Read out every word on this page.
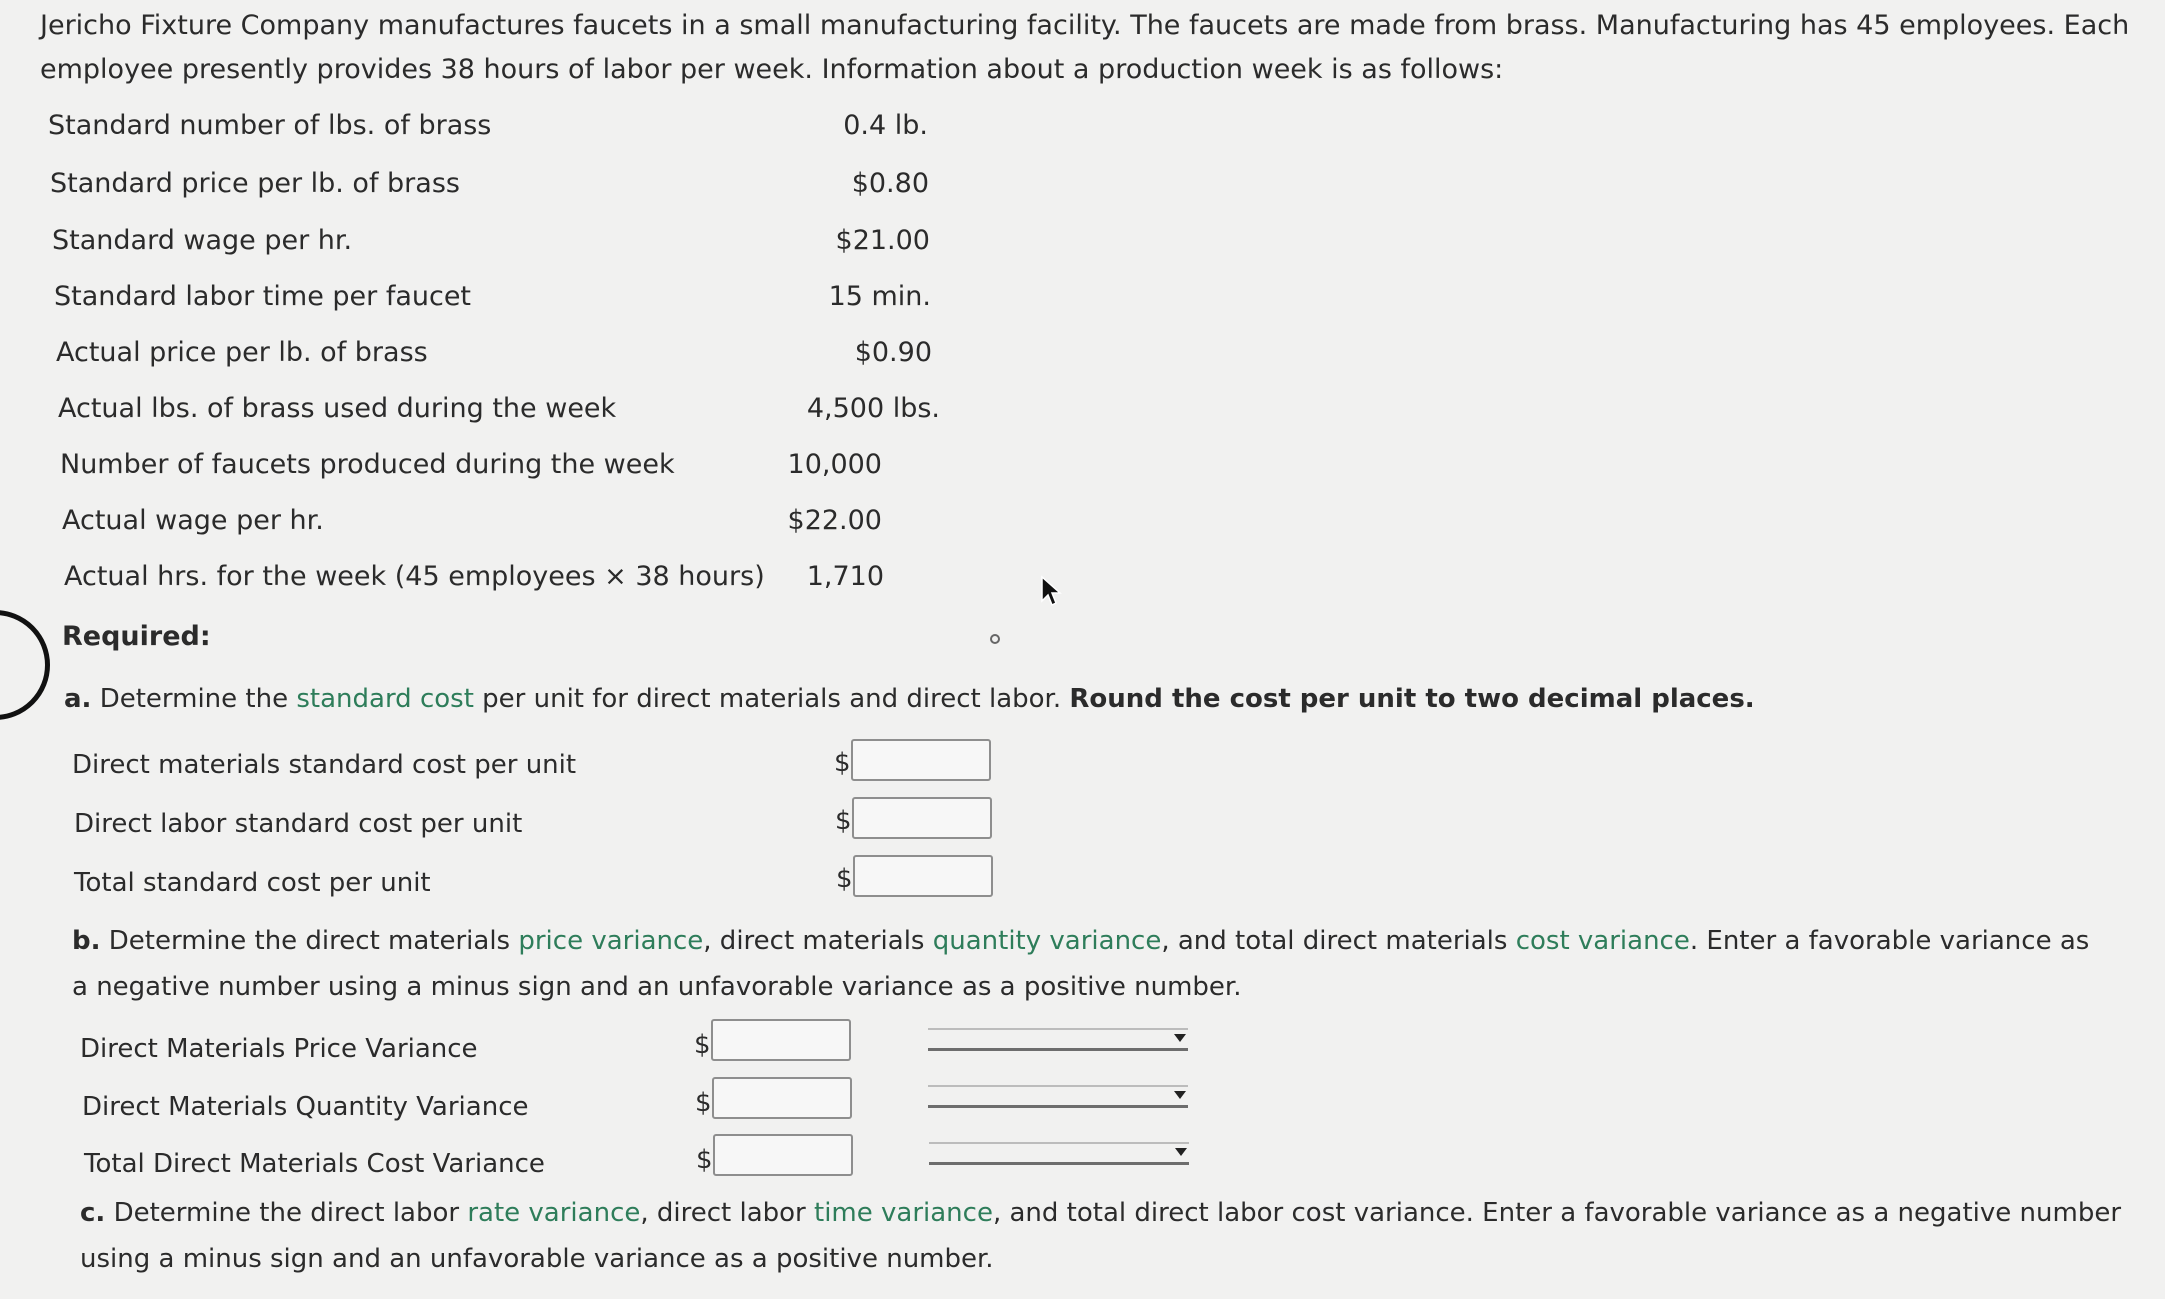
Jericho Fixture Company manufactures faucets in a small manufacturing facility. The faucets are made from brass. Manufacturing has 45 employees. Each employee presently provides 38 hours of labor per week. Information about a production week is as follows:
Standard number of lbs. of brass	0.4 lb.
Standard price per lb. of brass	$0.80
Standard wage per hr.	$21.00
Standard labor time per faucet	15 min.
Actual price per lb. of brass	$0.90
Actual lbs. of brass used during the week	4,500 lbs.
Number of faucets produced during the week	10,000
Actual wage per hr.	$22.00
Actual hrs. for the week (45 employees × 38 hours)	1,710
Required:
a. Determine the standard cost per unit for direct materials and direct labor. Round the cost per unit to two decimal places.
Direct materials standard cost per unit	$
Direct labor standard cost per unit	$
Total standard cost per unit	$
b. Determine the direct materials price variance, direct materials quantity variance, and total direct materials cost variance. Enter a favorable variance as a negative number using a minus sign and an unfavorable variance as a positive number.
Direct Materials Price Variance	$
Direct Materials Quantity Variance	$
Total Direct Materials Cost Variance	$
c. Determine the direct labor rate variance, direct labor time variance, and total direct labor cost variance. Enter a favorable variance as a negative number using a minus sign and an unfavorable variance as a positive number.
